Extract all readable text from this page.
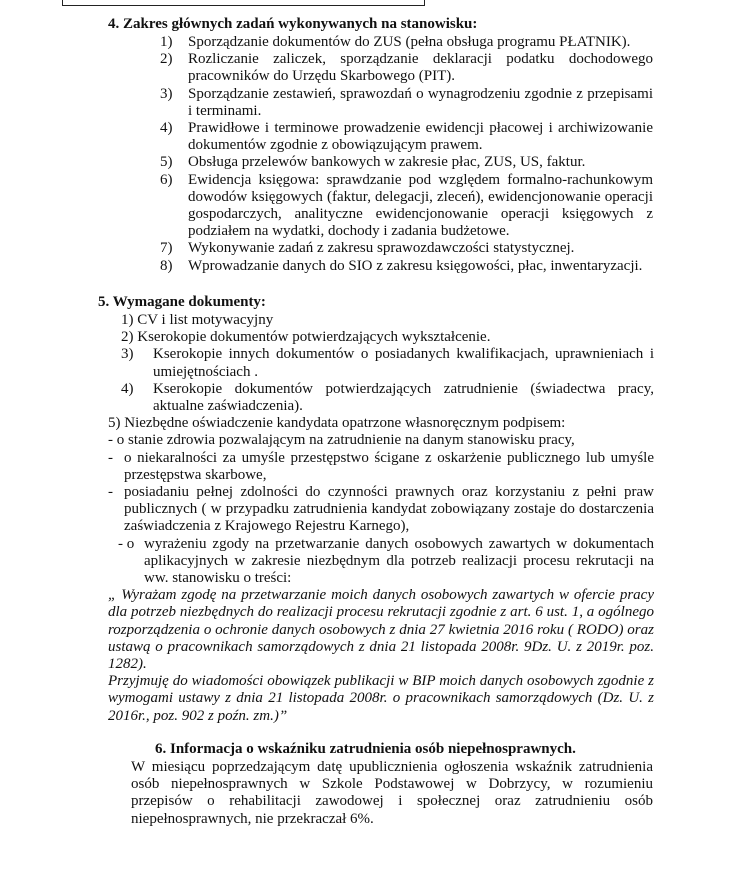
4. Zakres głównych zadań wykonywanych na stanowisku:
1)	Sporządzanie dokumentów do ZUS (pełna obsługa programu PŁATNIK).
2)	Rozliczanie zaliczek, sporządzanie deklaracji podatku dochodowego pracowników do Urzędu Skarbowego (PIT).
3)	Sporządzanie zestawień, sprawozdań o wynagrodzeniu zgodnie z przepisami i terminami.
4)	Prawidłowe i terminowe prowadzenie ewidencji płacowej i archiwizowanie dokumentów zgodnie z obowiązującym prawem.
5)	Obsługa przelewów bankowych w zakresie płac, ZUS, US, faktur.
6)	Ewidencja księgowa: sprawdzanie pod względem formalno-rachunkowym dowodów księgowych (faktur, delegacji, zleceń), ewidencjonowanie operacji gospodarczych, analityczne ewidencjonowanie operacji księgowych z podziałem na wydatki, dochody i zadania budżetowe.
7)	Wykonywanie zadań z zakresu sprawozdawczości statystycznej.
8)	Wprowadzanie danych do SIO z zakresu księgowości, płac, inwentaryzacji.
5. Wymagane dokumenty:
1) CV i list motywacyjny
2) Kserokopie dokumentów potwierdzających wykształcenie.
3)	Kserokopie innych dokumentów o posiadanych kwalifikacjach, uprawnieniach i umiejętnościach .
4)	Kserokopie dokumentów potwierdzających zatrudnienie (świadectwa pracy, aktualne zaświadczenia).
5) Niezbędne oświadczenie kandydata opatrzone własnoręcznym podpisem:
- o stanie zdrowia pozwalającym na zatrudnienie na danym stanowisku pracy,
- o niekaralności za umyśle przestępstwo ścigane z oskarżenie publicznego lub umyśle przestępstwa skarbowe,
- posiadaniu pełnej zdolności do czynności prawnych oraz korzystaniu z pełni praw publicznych ( w przypadku zatrudnienia kandydat zobowiązany zostaje do dostarczenia zaświadczenia z Krajowego Rejestru Karnego),
- o wyrażeniu zgody na przetwarzanie danych osobowych zawartych w dokumentach aplikacyjnych w zakresie niezbędnym dla potrzeb realizacji procesu rekrutacji na ww. stanowisku o treści:
„ Wyrażam zgodę na przetwarzanie moich danych osobowych zawartych w ofercie pracy dla potrzeb niezbędnych do realizacji procesu rekrutacji zgodnie z art. 6 ust. 1, a ogólnego rozporządzenia o ochronie danych osobowych z dnia 27 kwietnia 2016 roku ( RODO) oraz ustawą o pracownikach samorządowych z dnia 21 listopada 2008r. 9Dz. U. z 2019r. poz. 1282).
Przyjmuję do wiadomości obowiązek publikacji w BIP moich danych osobowych zgodnie z wymogami ustawy z dnia 21 listopada 2008r. o pracownikach samorządowych (Dz. U. z 2016r., poz. 902 z poźn. zm.)”
6. Informacja o wskaźniku zatrudnienia osób niepełnosprawnych.
W miesiącu poprzedzającym datę upublicznienia ogłoszenia wskaźnik zatrudnienia osób niepełnosprawnych w Szkole Podstawowej w Dobrzycy, w rozumieniu przepisów o rehabilitacji zawodowej i społecznej oraz zatrudnieniu osób niepełnosprawnych, nie przekraczał 6%.
